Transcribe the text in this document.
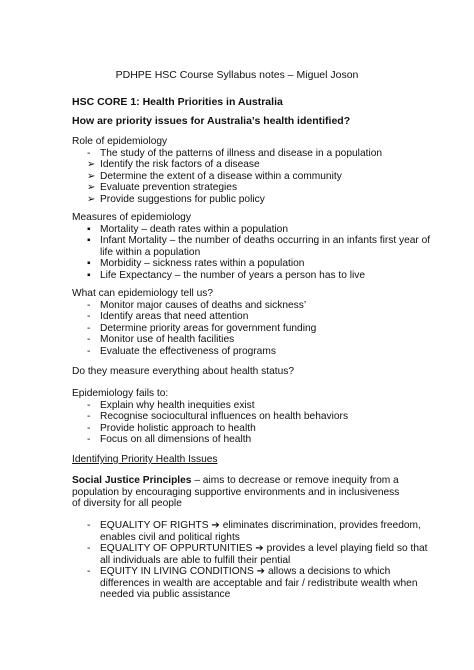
PDHPE HSC Course Syllabus notes – Miguel Joson
HSC CORE 1: Health Priorities in Australia
How are priority issues for Australia’s health identified?
Role of epidemiology
- The study of the patterns of illness and disease in a population
➢ Identify the risk factors of a disease
➢ Determine the extent of a disease within a community
➢ Evaluate prevention strategies
➢ Provide suggestions for public policy
Measures of epidemiology
▪ Mortality – death rates within a population
▪ Infant Mortality – the number of deaths occurring in an infants first year of life within a population
▪ Morbidity – sickness rates within a population
▪ Life Expectancy – the number of years a person has to live
What can epidemiology tell us?
- Monitor major causes of deaths and sickness’
- Identify areas that need attention
- Determine priority areas for government funding
- Monitor use of health facilities
- Evaluate the effectiveness of programs
Do they measure everything about health status?
Epidemiology fails to:
- Explain why health inequities exist
- Recognise sociocultural influences on health behaviors
- Provide holistic approach to health
- Focus on all dimensions of health
Identifying Priority Health Issues
Social Justice Principles – aims to decrease or remove inequity from a population by encouraging supportive environments and in inclusiveness of diversity for all people
- EQUALITY OF RIGHTS ➔ eliminates discrimination, provides freedom, enables civil and political rights
- EQUALITY OF OPPURTUNITIES ➔ provides a level playing field so that all individuals are able to fulfill their pential
- EQUITY IN LIVING CONDITIONS ➔ allows a decisions to which differences in wealth are acceptable and fair / redistribute wealth when needed via public assistance
